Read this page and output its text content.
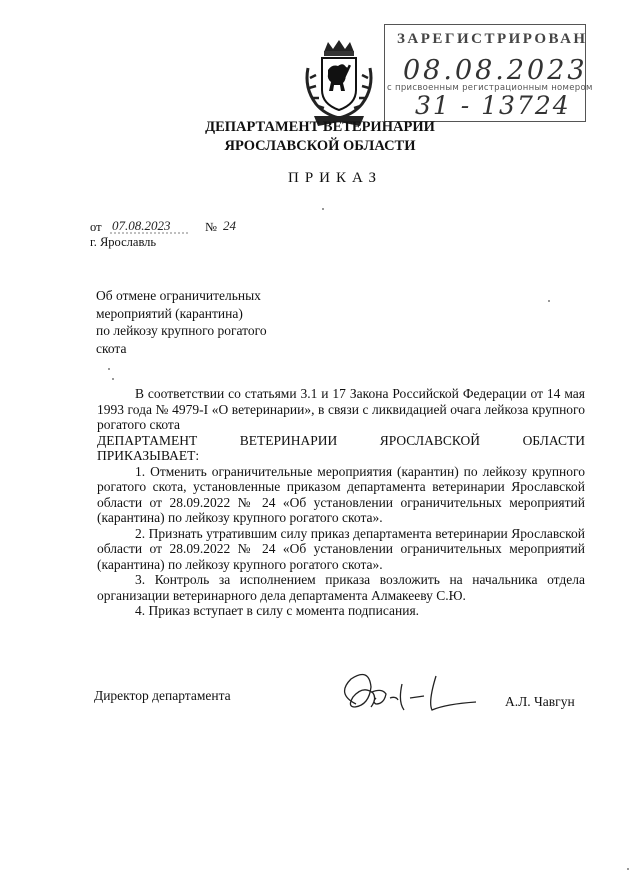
ЗАРЕГИСТРИРОВАН
08.08.2023
с присвоенным регистрационным номером
31 - 13724
ДЕПАРТАМЕНТ ВЕТЕРИНАРИИ
ЯРОСЛАВСКОЙ ОБЛАСТИ
ПРИКАЗ
от 07.08.2023	№ 24
г. Ярославль
Об отмене ограничительных
мероприятий (карантина)
по лейкозу крупного рогатого
скота

В соответствии со статьями 3.1 и 17 Закона Российской Федерации от 14 мая 1993 года № 4979-I «О ветеринарии», в связи с ликвидацией очага лейкоза крупного рогатого скота

ДЕПАРТАМЕНТ	ВЕТЕРИНАРИИ	ЯРОСЛАВСКОЙ	ОБЛАСТИ

ПРИКАЗЫВАЕТ:

1. Отменить ограничительные мероприятия (карантин) по лейкозу крупного рогатого скота, установленные приказом департамента ветеринарии Ярославской области от 28.09.2022 № 24 «Об установлении ограничительных мероприятий (карантина) по лейкозу крупного рогатого скота».

2. Признать утратившим силу приказ департамента ветеринарии Ярославской области от 28.09.2022 № 24 «Об установлении ограничительных мероприятий (карантина) по лейкозу крупного рогатого скота».

3. Контроль за исполнением приказа возложить на начальника отдела организации ветеринарного дела департамента Алмакееву С.Ю.

4. Приказ вступает в силу с момента подписания.

Директор департамента	А.Л. Чавгун
